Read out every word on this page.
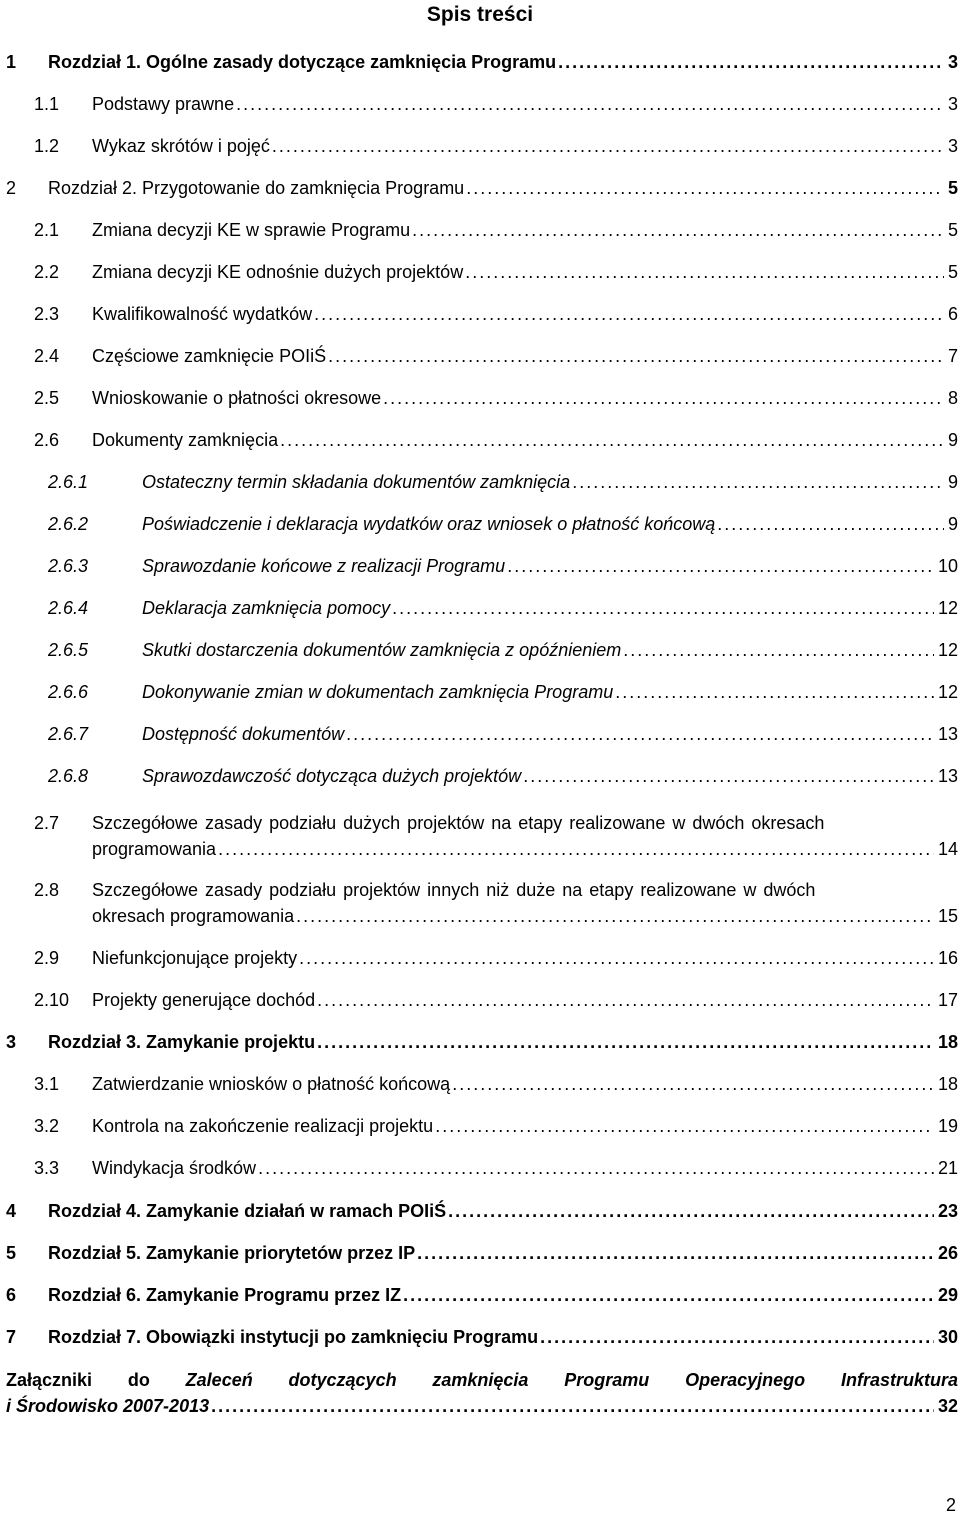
Spis treści
1 Rozdział 1. Ogólne zasady dotyczące zamknięcia Programu . . .	3
1.1 Podstawy prawne . . .	3
1.2 Wykaz skrótów i pojęć . . .	3
2 Rozdział 2. Przygotowanie do zamknięcia Programu . . .	5
2.1 Zmiana decyzji KE w sprawie Programu . . .	5
2.2 Zmiana decyzji KE odnośnie dużych projektów . . .	5
2.3 Kwalifikowalność wydatków . . .	6
2.4 Częściowe zamknięcie POIiŚ . . .	7
2.5 Wnioskowanie o płatności okresowe . . .	8
2.6 Dokumenty zamknięcia . . .	9
2.6.1	Ostateczny termin składania dokumentów zamknięcia . . .	9
2.6.2	Poświadczenie i deklaracja wydatków oraz wniosek o płatność końcową . . .	9
2.6.3	Sprawozdanie końcowe z realizacji Programu . . .	10
2.6.4	Deklaracja zamknięcia pomocy . . .	12
2.6.5	Skutki dostarczenia dokumentów zamknięcia z opóźnieniem . . .	12
2.6.6	Dokonywanie zmian w dokumentach zamknięcia Programu . . .	12
2.6.7	Dostępność dokumentów . . .	13
2.6.8	Sprawozdawczość dotycząca dużych projektów . . .	13
2.7 Szczegółowe zasady podziału dużych projektów na etapy realizowane w dwóch okresach
programowania . . .	14
2.8 Szczegółowe zasady podziału projektów innych niż duże na etapy realizowane w dwóch
okresach programowania . . .	15
2.9 Niefunkcjonujące projekty . . .	16
2.10 Projekty generujące dochód . . .	17
3 Rozdział 3. Zamykanie projektu . . .	18
3.1 Zatwierdzanie wniosków o płatność końcową . . .	18
3.2 Kontrola na zakończenie realizacji projektu . . .	19
3.3 Windykacja środków . . .	21
4 Rozdział 4. Zamykanie działań w ramach POIiŚ . . .	23
5 Rozdział 5. Zamykanie priorytetów przez IP . . .	26
6 Rozdział 6. Zamykanie Programu przez IZ . . .	29
7 Rozdział 7. Obowiązki instytucji po zamknięciu Programu . . .	30
Załączniki do Zaleceń dotyczących zamknięcia Programu Operacyjnego Infrastruktura
i Środowisko 2007-2013 . . .	32
2
